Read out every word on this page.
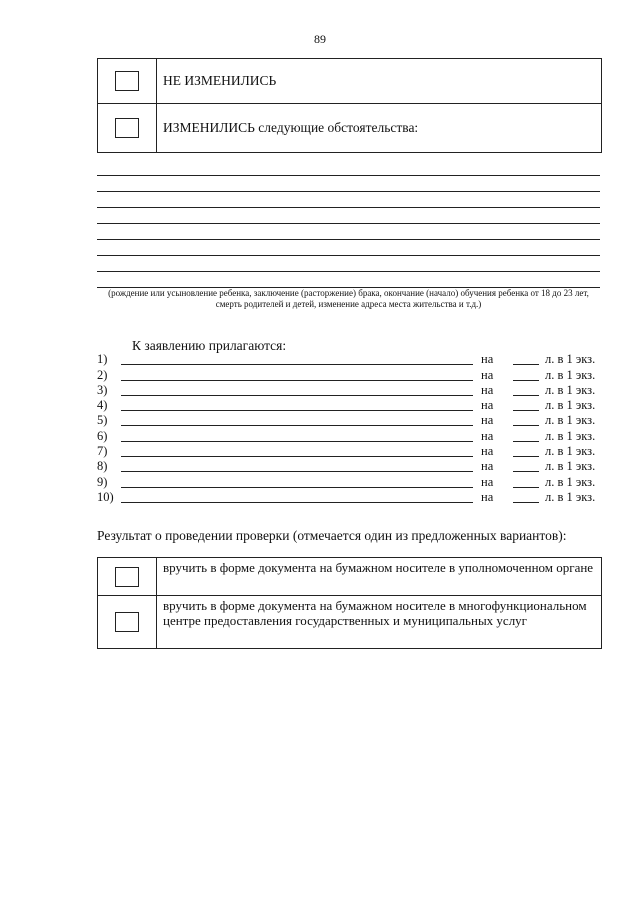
89
НЕ ИЗМЕНИЛИСЬ
ИЗМЕНИЛИСЬ следующие обстоятельства:
(рождение или усыновление ребенка, заключение (расторжение) брака, окончание (начало) обучения ребенка от 18 до 23 лет, смерть родителей и детей, изменение адреса места жительства и т.д.)
К заявлению прилагаются:
1)	на	л. в 1 экз.
2)	на	л. в 1 экз.
3)	на	л. в 1 экз.
4)	на	л. в 1 экз.
5)	на	л. в 1 экз.
6)	на	л. в 1 экз.
7)	на	л. в 1 экз.
8)	на	л. в 1 экз.
9)	на	л. в 1 экз.
10)	на	л. в 1 экз.
Результат о проведении проверки (отмечается один из предложенных вариантов):
вручить в форме документа на бумажном носителе в уполномоченном органе
вручить в форме документа на бумажном носителе в многофункциональном центре предоставления государственных и муниципальных услуг
